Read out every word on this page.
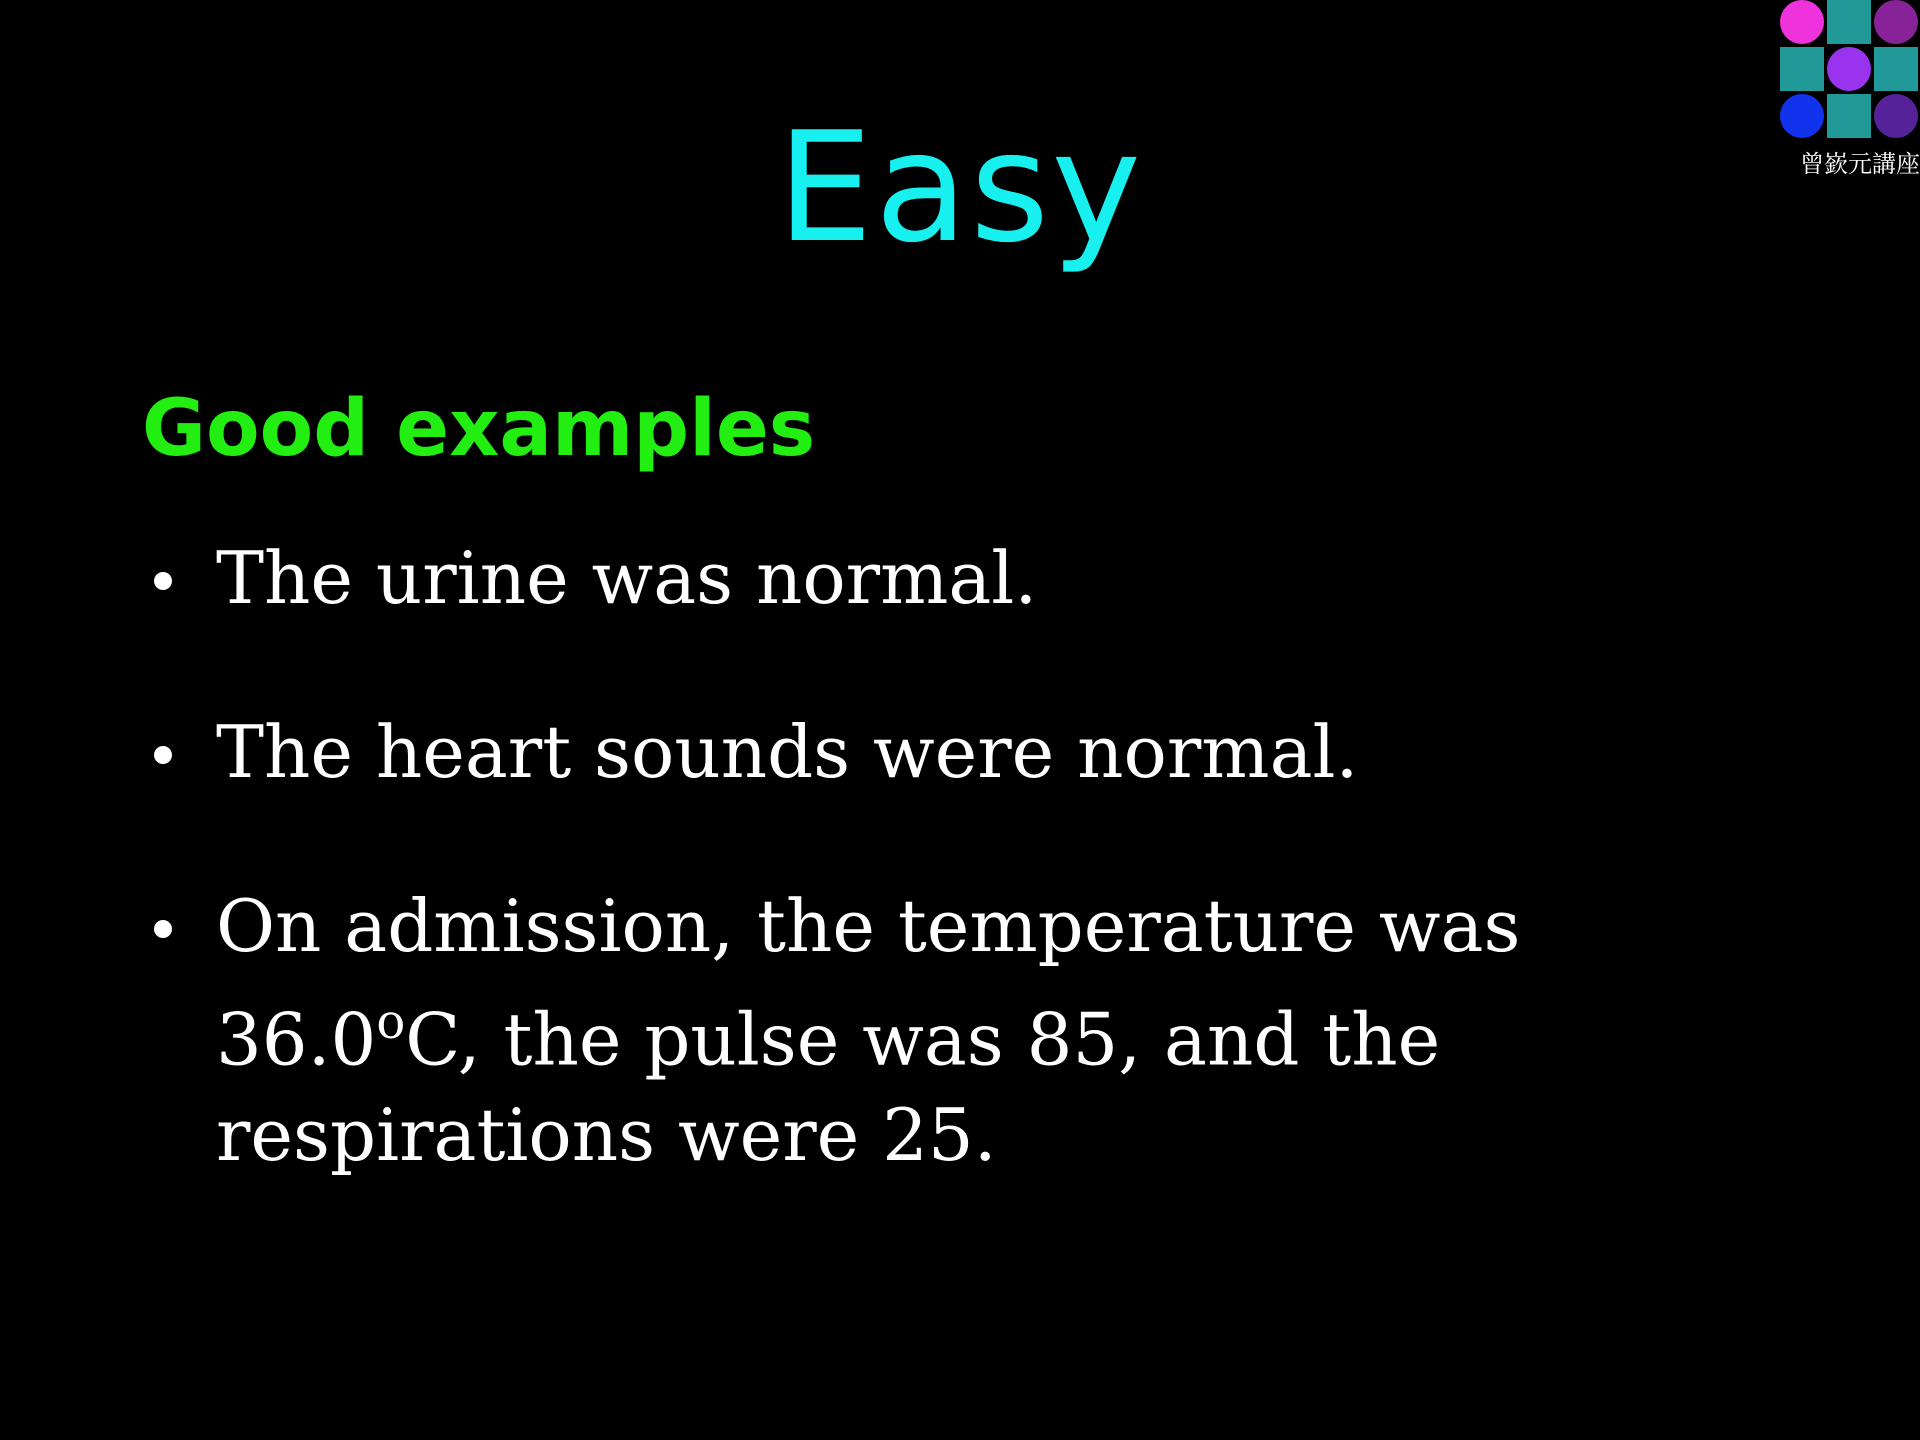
Easy
Good examples
The urine was normal.
The heart sounds were normal.
On admission, the temperature was 36.0$^o$C, the pulse was 85, and the respirations were 25.
曾嶔元講座
